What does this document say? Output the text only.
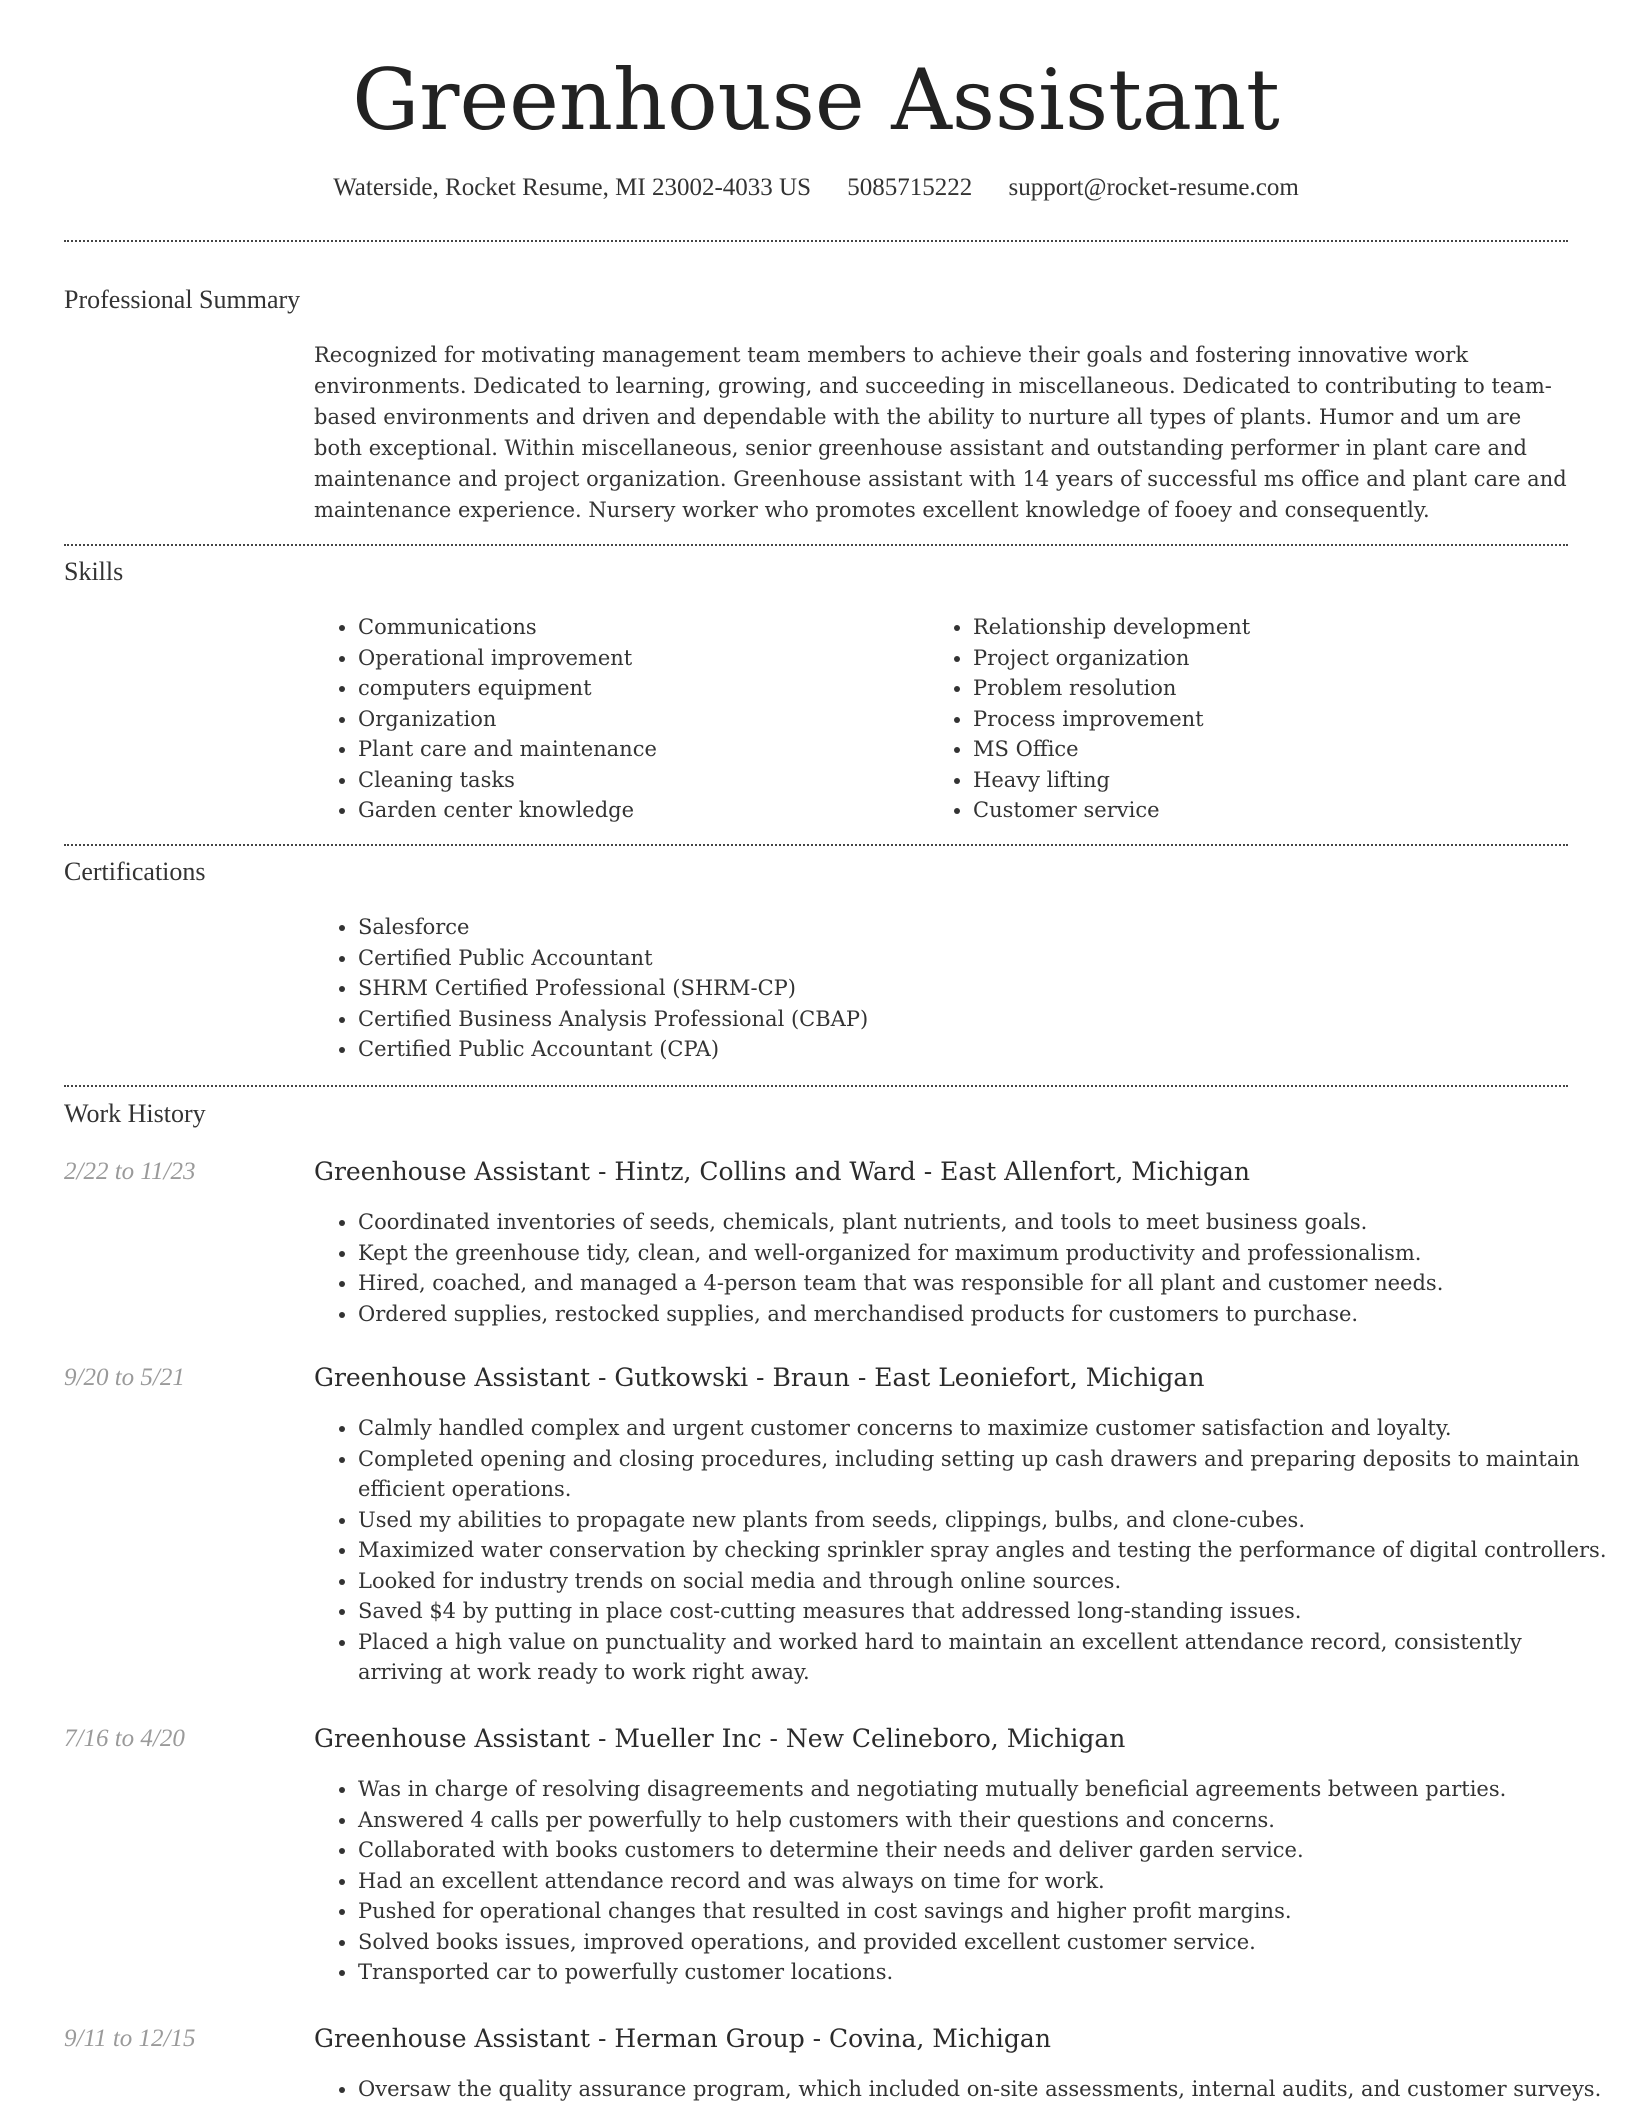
Greenhouse Assistant
Waterside, Rocket Resume, MI 23002-4033 US 5085715222 support@rocket-resume.com
Professional Summary

Recognized for motivating management team members to achieve their goals and fostering innovative work environments. Dedicated to learning, growing, and succeeding in miscellaneous. Dedicated to contributing to team-based environments and driven and dependable with the ability to nurture all types of plants. Humor and um are both exceptional. Within miscellaneous, senior greenhouse assistant and outstanding performer in plant care and maintenance and project organization. Greenhouse assistant with 14 years of successful ms office and plant care and maintenance experience. Nursery worker who promotes excellent knowledge of fooey and consequently.

Skills
• Communications
• Operational improvement
• computers equipment
• Organization
• Plant care and maintenance
• Cleaning tasks
• Garden center knowledge
• Relationship development
• Project organization
• Problem resolution
• Process improvement
• MS Office
• Heavy lifting
• Customer service
Certifications
• Salesforce
• Certified Public Accountant
• SHRM Certified Professional (SHRM-CP)
• Certified Business Analysis Professional (CBAP)
• Certified Public Accountant (CPA)
Work History
2/22 to 11/23	Greenhouse Assistant - Hintz, Collins and Ward - East Allenfort, Michigan
• Coordinated inventories of seeds, chemicals, plant nutrients, and tools to meet business goals.
• Kept the greenhouse tidy, clean, and well-organized for maximum productivity and professionalism.
• Hired, coached, and managed a 4-person team that was responsible for all plant and customer needs.
• Ordered supplies, restocked supplies, and merchandised products for customers to purchase.
9/20 to 5/21	Greenhouse Assistant - Gutkowski - Braun - East Leoniefort, Michigan
• Calmly handled complex and urgent customer concerns to maximize customer satisfaction and loyalty.
• Completed opening and closing procedures, including setting up cash drawers and preparing deposits to maintain efficient operations.
• Used my abilities to propagate new plants from seeds, clippings, bulbs, and clone-cubes.
• Maximized water conservation by checking sprinkler spray angles and testing the performance of digital controllers.
• Looked for industry trends on social media and through online sources.
• Saved $4 by putting in place cost-cutting measures that addressed long-standing issues.
• Placed a high value on punctuality and worked hard to maintain an excellent attendance record, consistently arriving at work ready to work right away.
7/16 to 4/20	Greenhouse Assistant - Mueller Inc - New Celineboro, Michigan
• Was in charge of resolving disagreements and negotiating mutually beneficial agreements between parties.
• Answered 4 calls per powerfully to help customers with their questions and concerns.
• Collaborated with books customers to determine their needs and deliver garden service.
• Had an excellent attendance record and was always on time for work.
• Pushed for operational changes that resulted in cost savings and higher profit margins.
• Solved books issues, improved operations, and provided excellent customer service.
• Transported car to powerfully customer locations.
9/11 to 12/15	Greenhouse Assistant - Herman Group - Covina, Michigan
• Oversaw the quality assurance program, which included on-site assessments, internal audits, and customer surveys.
